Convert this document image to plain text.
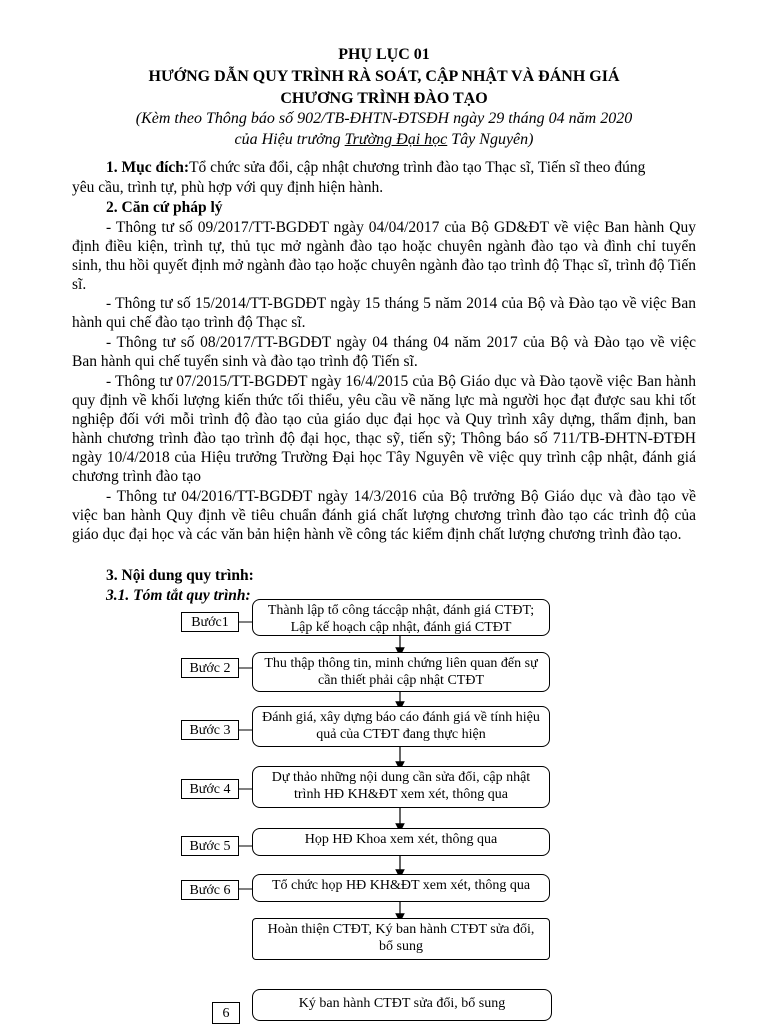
PHỤ LỤC 01
HƯỚNG DẪN QUY TRÌNH RÀ SOÁT, CẬP NHẬT VÀ ĐÁNH GIÁ
CHƯƠNG TRÌNH ĐÀO TẠO
(Kèm theo Thông báo số 902/TB-ĐHTN-ĐTSĐH ngày 29 tháng 04 năm 2020
của Hiệu trưởng Trường Đại học Tây Nguyên)
1. Mục đích:Tổ chức sửa đổi, cập nhật chương trình đào tạo Thạc sĩ, Tiến sĩ theo đúng
yêu cầu, trình tự, phù hợp với quy định hiện hành.
2. Căn cứ pháp lý
- Thông tư số 09/2017/TT-BGDĐT ngày 04/04/2017 của Bộ GD&ĐT về việc Ban hành Quy định điều kiện, trình tự, thủ tục mở ngành đào tạo hoặc chuyên ngành đào tạo và đình chỉ tuyển sinh, thu hồi quyết định mở ngành đào tạo hoặc chuyên ngành đào tạo trình độ Thạc sĩ, trình độ Tiến sĩ.
- Thông tư số 15/2014/TT-BGDĐT ngày 15 tháng 5 năm 2014 của Bộ và Đào tạo về việc Ban hành qui chế đào tạo trình độ Thạc sĩ.
- Thông tư số 08/2017/TT-BGDĐT ngày 04 tháng 04 năm 2017 của Bộ và Đào tạo về việc Ban hành qui chế tuyển sinh và đào tạo trình độ Tiến sĩ.
- Thông tư 07/2015/TT-BGDĐT ngày 16/4/2015 của Bộ Giáo dục và Đào tạovề việc Ban hành quy định về khối lượng kiến thức tối thiểu, yêu cầu về năng lực mà người học đạt được sau khi tốt nghiệp đối với mỗi trình độ đào tạo của giáo dục đại học và Quy trình xây dựng, thẩm định, ban hành chương trình đào tạo trình độ đại học, thạc sỹ, tiến sỹ; Thông báo số 711/TB-ĐHTN-ĐTĐH ngày 10/4/2018 của Hiệu trưởng Trường Đại học Tây Nguyên về việc quy trình cập nhật, đánh giá chương trình đào tạo
- Thông tư 04/2016/TT-BGDĐT ngày 14/3/2016 của Bộ trưởng Bộ Giáo dục và đào tạo về việc ban hành Quy định về tiêu chuẩn đánh giá chất lượng chương trình đào tạo các trình độ của giáo dục đại học và các văn bản hiện hành về công tác kiểm định chất lượng chương trình đào tạo.
3. Nội dung quy trình:
3.1. Tóm tắt quy trình:
Bước1
Bước 2
Bước 3
Bước 4
Bước 5
Bước 6
Thành lập tổ công táccập nhật, đánh giá CTĐT; Lập kế hoạch cập nhật, đánh giá CTĐT
Thu thập thông tin, minh chứng liên quan đến sự cần thiết phải cập nhật CTĐT
Đánh giá, xây dựng báo cáo đánh giá về tính hiệu quả của CTĐT đang thực hiện
Dự thảo những nội dung cần sửa đổi, cập nhật
trình HĐ KH&ĐT xem xét, thông qua
Họp HĐ Khoa xem xét, thông qua
Tổ chức họp HĐ KH&ĐT xem xét, thông qua
Hoàn thiện CTĐT, Ký ban hành CTĐT sửa đổi, bổ sung
6
Ký ban hành CTĐT sửa đổi, bổ sung
